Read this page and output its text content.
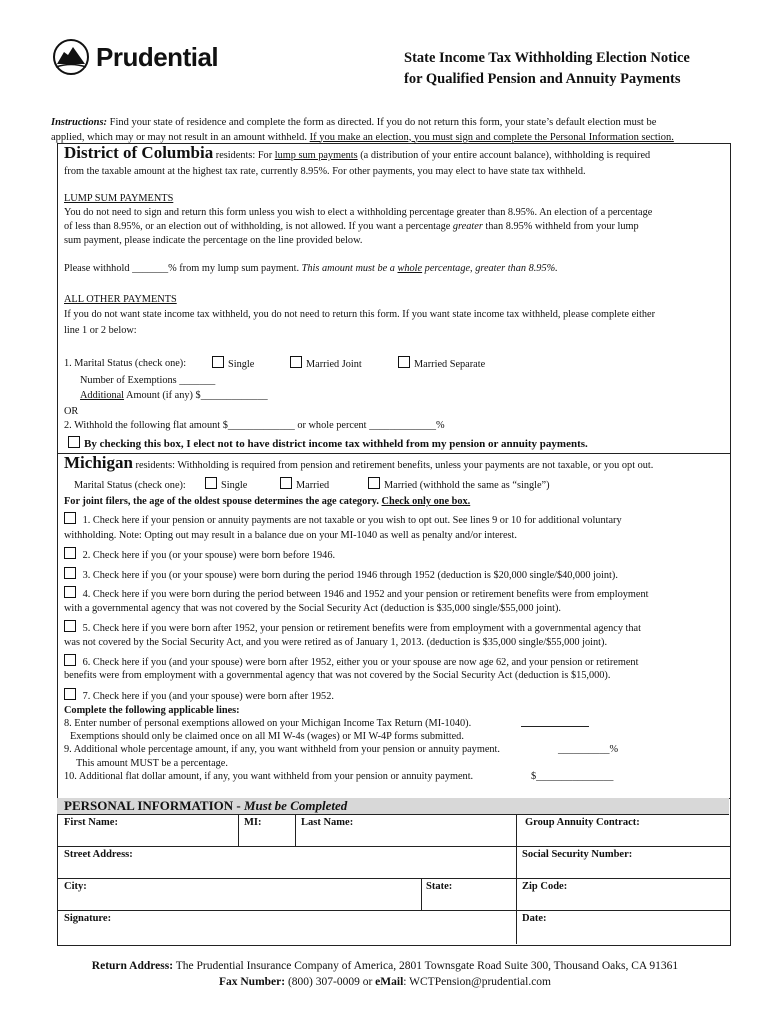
Prudential	State Income Tax Withholding Election Notice
for Qualified Pension and Annuity Payments
Instructions: Find your state of residence and complete the form as directed. If you do not return this form, your state’s default election must be
applied, which may or may not result in an amount withheld. If you make an election, you must sign and complete the Personal Information section.
District of Columbia residents: For lump sum payments (a distribution of your entire account balance), withholding is required
from the taxable amount at the highest tax rate, currently 8.95%. For other payments, you may elect to have state tax withheld.
LUMP SUM PAYMENTS
You do not need to sign and return this form unless you wish to elect a withholding percentage greater than 8.95%. An election of a percentage
of less than 8.95%, or an election out of withholding, is not allowed. If you want a percentage greater than 8.95% withheld from your lump
sum payment, please indicate the percentage on the line provided below.
Please withhold _______% from my lump sum payment. This amount must be a whole percentage, greater than 8.95%.
ALL OTHER PAYMENTS
If you do not want state income tax withheld, you do not need to return this form. If you want state income tax withheld, please complete either
line 1 or 2 below:
1. Marital Status (check one):	Single	Married Joint	Married Separate
Number of Exemptions _______
Additional Amount (if any) $_____________
OR
2. Withhold the following flat amount $_____________ or whole percent _____________%
By checking this box, I elect not to have district income tax withheld from my pension or annuity payments.
Michigan residents: Withholding is required from pension and retirement benefits, unless your payments are not taxable, or you opt out.
Marital Status (check one):	Single	Married	Married (withhold the same as “single”)
For joint filers, the age of the oldest spouse determines the age category. Check only one box.
1. Check here if your pension or annuity payments are not taxable or you wish to opt out. See lines 9 or 10 for additional voluntary
withholding. Note: Opting out may result in a balance due on your MI-1040 as well as penalty and/or interest.
2. Check here if you (or your spouse) were born before 1946.
3. Check here if you (or your spouse) were born during the period 1946 through 1952 (deduction is $20,000 single/$40,000 joint).
4. Check here if you were born during the period between 1946 and 1952 and your pension or retirement benefits were from employment
with a governmental agency that was not covered by the Social Security Act (deduction is $35,000 single/$55,000 joint).
5. Check here if you were born after 1952, your pension or retirement benefits were from employment with a governmental agency that
was not covered by the Social Security Act, and you were retired as of January 1, 2013. (deduction is $35,000 single/$55,000 joint).
6. Check here if you (and your spouse) were born after 1952, either you or your spouse are now age 62, and your pension or retirement
benefits were from employment with a governmental agency that was not covered by the Social Security Act (deduction is $15,000).
7. Check here if you (and your spouse) were born after 1952.
Complete the following applicable lines:
8. Enter number of personal exemptions allowed on your Michigan Income Tax Return (MI-1040).
Exemptions should only be claimed once on all MI W-4s (wages) or MI W-4P forms submitted.
9. Additional whole percentage amount, if any, you want withheld from your pension or annuity payment.	__________%
This amount MUST be a percentage.
10. Additional flat dollar amount, if any, you want withheld from your pension or annuity payment.	$_______________
PERSONAL INFORMATION - Must be Completed
First Name:	MI:	Last Name:	Group Annuity Contract:
Street Address:	Social Security Number:
City:	State:	Zip Code:
Signature:	Date:
Return Address: The Prudential Insurance Company of America, 2801 Townsgate Road Suite 300, Thousand Oaks, CA 91361
Fax Number: (800) 307-0009 or eMail: WCTPension@prudential.com
